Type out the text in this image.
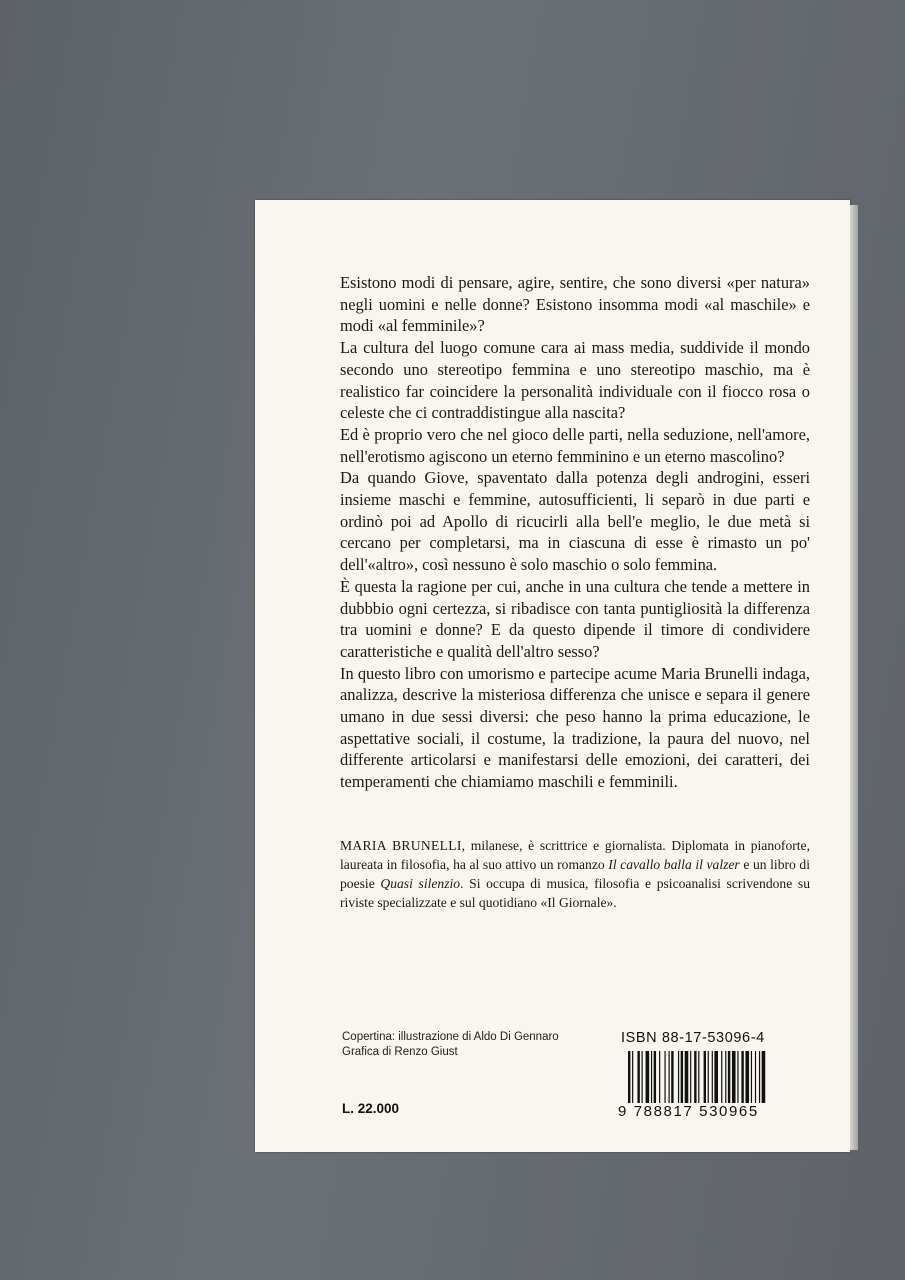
Esistono modi di pensare, agire, sentire, che sono diversi «per natura» negli uomini e nelle donne? Esistono insomma modi «al maschile» e modi «al femminile»?

La cultura del luogo comune cara ai mass media, suddivide il mondo secondo uno stereotipo femmina e uno stereotipo maschio, ma è realistico far coincidere la personalità individuale con il fiocco rosa o celeste che ci contraddistingue alla nascita?

Ed è proprio vero che nel gioco delle parti, nella seduzione, nell'amore, nell'erotismo agiscono un eterno femminino e un eterno mascolino?

Da quando Giove, spaventato dalla potenza degli androgini, esseri insieme maschi e femmine, autosufficienti, li separò in due parti e ordinò poi ad Apollo di ricucirli alla bell'e meglio, le due metà si cercano per completarsi, ma in ciascuna di esse è rimasto un po' dell'«altro», così nessuno è solo maschio o solo femmina.

È questa la ragione per cui, anche in una cultura che tende a mettere in dubbbio ogni certezza, si ribadisce con tanta puntigliosità la differenza tra uomini e donne? E da questo dipende il timore di condividere caratteristiche e qualità dell'altro sesso?

In questo libro con umorismo e partecipe acume Maria Brunelli indaga, analizza, descrive la misteriosa differenza che unisce e separa il genere umano in due sessi diversi: che peso hanno la prima educazione, le aspettative sociali, il costume, la tradizione, la paura del nuovo, nel differente articolarsi e manifestarsi delle emozioni, dei caratteri, dei temperamenti che chiamiamo maschili e femminili.

MARIA BRUNELLI, milanese, è scrittrice e giornalista. Diplomata in pianoforte, laureata in filosofia, ha al suo attivo un romanzo Il cavallo balla il valzer e un libro di poesie Quasi silenzio. Si occupa di musica, filosofia e psicoanalisi scrivendone su riviste specializzate e sul quotidiano «Il Giornale».
Copertina: illustrazione di Aldo Di Gennaro
Grafica di Renzo Giust
L. 22.000
ISBN 88-17-53096-4
9 788817 530965
